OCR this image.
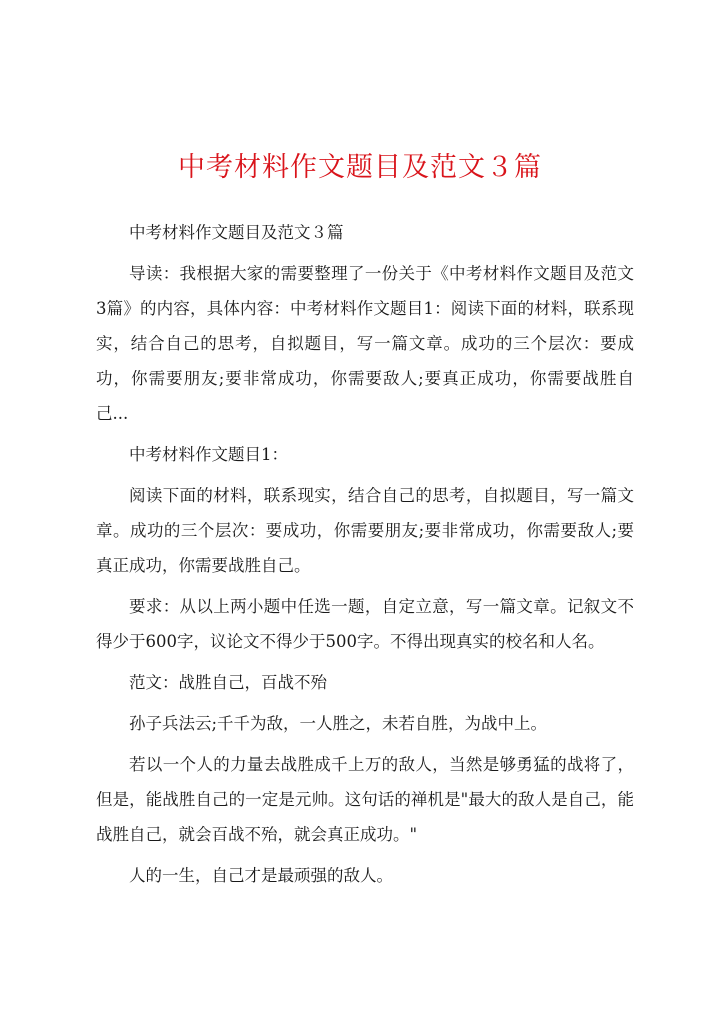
中考材料作文题目及范文３篇

中考材料作文题目及范文３篇

导读：我根据大家的需要整理了一份关于《中考材料作文题目及范文3篇》的内容，具体内容：中考材料作文题目1：阅读下面的材料，联系现实，结合自己的思考，自拟题目，写一篇文章。成功的三个层次：要成功，你需要朋友;要非常成功，你需要敌人;要真正成功，你需要战胜自己...

中考材料作文题目1：

阅读下面的材料，联系现实，结合自己的思考，自拟题目，写一篇文章。成功的三个层次：要成功，你需要朋友;要非常成功，你需要敌人;要真正成功，你需要战胜自己。

要求：从以上两小题中任选一题，自定立意，写一篇文章。记叙文不得少于600字，议论文不得少于500字。不得出现真实的校名和人名。

范文：战胜自己，百战不殆

孙子兵法云;千千为敌，一人胜之，未若自胜，为战中上。

若以一个人的力量去战胜成千上万的敌人，当然是够勇猛的战将了，但是，能战胜自己的一定是元帅。这句话的禅机是"最大的敌人是自己，能战胜自己，就会百战不殆，就会真正成功。"

人的一生，自己才是最顽强的敌人。
